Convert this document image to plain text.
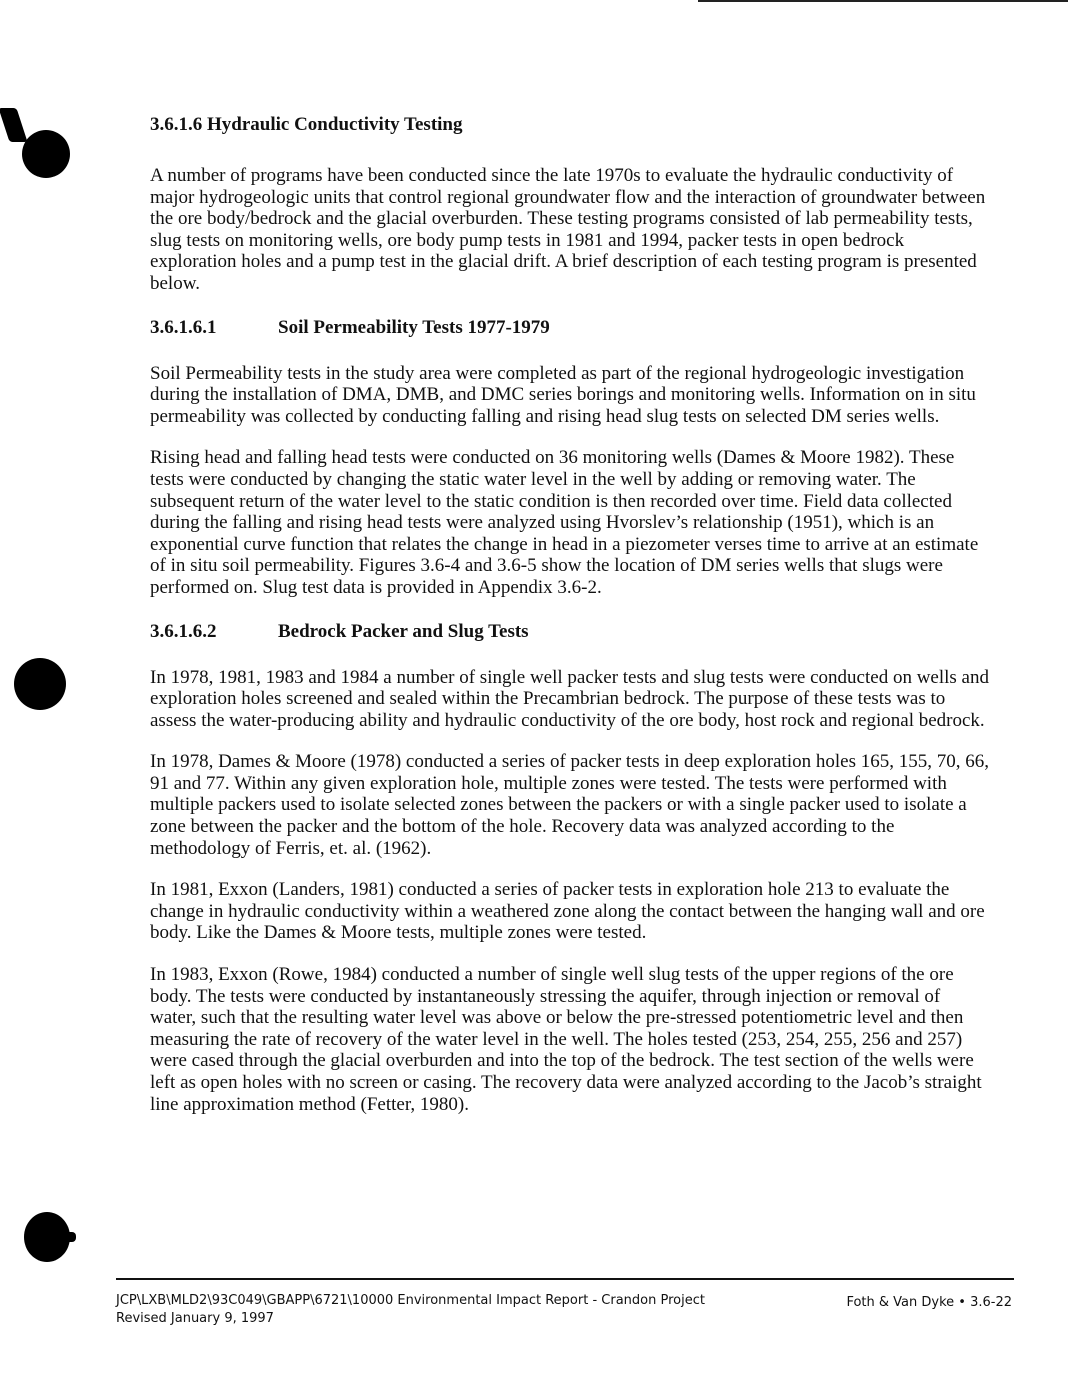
3.6.1.6 Hydraulic Conductivity Testing

A number of programs have been conducted since the late 1970s to evaluate the hydraulic conductivity of major hydrogeologic units that control regional groundwater flow and the interaction of groundwater between the ore body/bedrock and the glacial overburden. These testing programs consisted of lab permeability tests, slug tests on monitoring wells, ore body pump tests in 1981 and 1994, packer tests in open bedrock exploration holes and a pump test in the glacial drift. A brief description of each testing program is presented below.

3.6.1.6.1	Soil Permeability Tests 1977-1979

Soil Permeability tests in the study area were completed as part of the regional hydrogeologic investigation during the installation of DMA, DMB, and DMC series borings and monitoring wells. Information on in situ permeability was collected by conducting falling and rising head slug tests on selected DM series wells.

Rising head and falling head tests were conducted on 36 monitoring wells (Dames & Moore 1982). These tests were conducted by changing the static water level in the well by adding or removing water. The subsequent return of the water level to the static condition is then recorded over time. Field data collected during the falling and rising head tests were analyzed using Hvorslev’s relationship (1951), which is an exponential curve function that relates the change in head in a piezometer verses time to arrive at an estimate of in situ soil permeability. Figures 3.6-4 and 3.6-5 show the location of DM series wells that slugs were performed on. Slug test data is provided in Appendix 3.6-2.

3.6.1.6.2	Bedrock Packer and Slug Tests

In 1978, 1981, 1983 and 1984 a number of single well packer tests and slug tests were conducted on wells and exploration holes screened and sealed within the Precambrian bedrock. The purpose of these tests was to assess the water-producing ability and hydraulic conductivity of the ore body, host rock and regional bedrock.

In 1978, Dames & Moore (1978) conducted a series of packer tests in deep exploration holes 165, 155, 70, 66, 91 and 77. Within any given exploration hole, multiple zones were tested. The tests were performed with multiple packers used to isolate selected zones between the packers or with a single packer used to isolate a zone between the packer and the bottom of the hole. Recovery data was analyzed according to the methodology of Ferris, et. al. (1962).

In 1981, Exxon (Landers, 1981) conducted a series of packer tests in exploration hole 213 to evaluate the change in hydraulic conductivity within a weathered zone along the contact between the hanging wall and ore body. Like the Dames & Moore tests, multiple zones were tested.

In 1983, Exxon (Rowe, 1984) conducted a number of single well slug tests of the upper regions of the ore body. The tests were conducted by instantaneously stressing the aquifer, through injection or removal of water, such that the resulting water level was above or below the pre-stressed potentiometric level and then measuring the rate of recovery of the water level in the well. The holes tested (253, 254, 255, 256 and 257) were cased through the glacial overburden and into the top of the bedrock. The test section of the wells were left as open holes with no screen or casing. The recovery data were analyzed according to the Jacob’s straight line approximation method (Fetter, 1980).

JCP\LXB\MLD2\93C049\GBAPP\6721\10000 Environmental Impact Report - Crandon Project
Revised January 9, 1997
Foth & Van Dyke • 3.6-22
